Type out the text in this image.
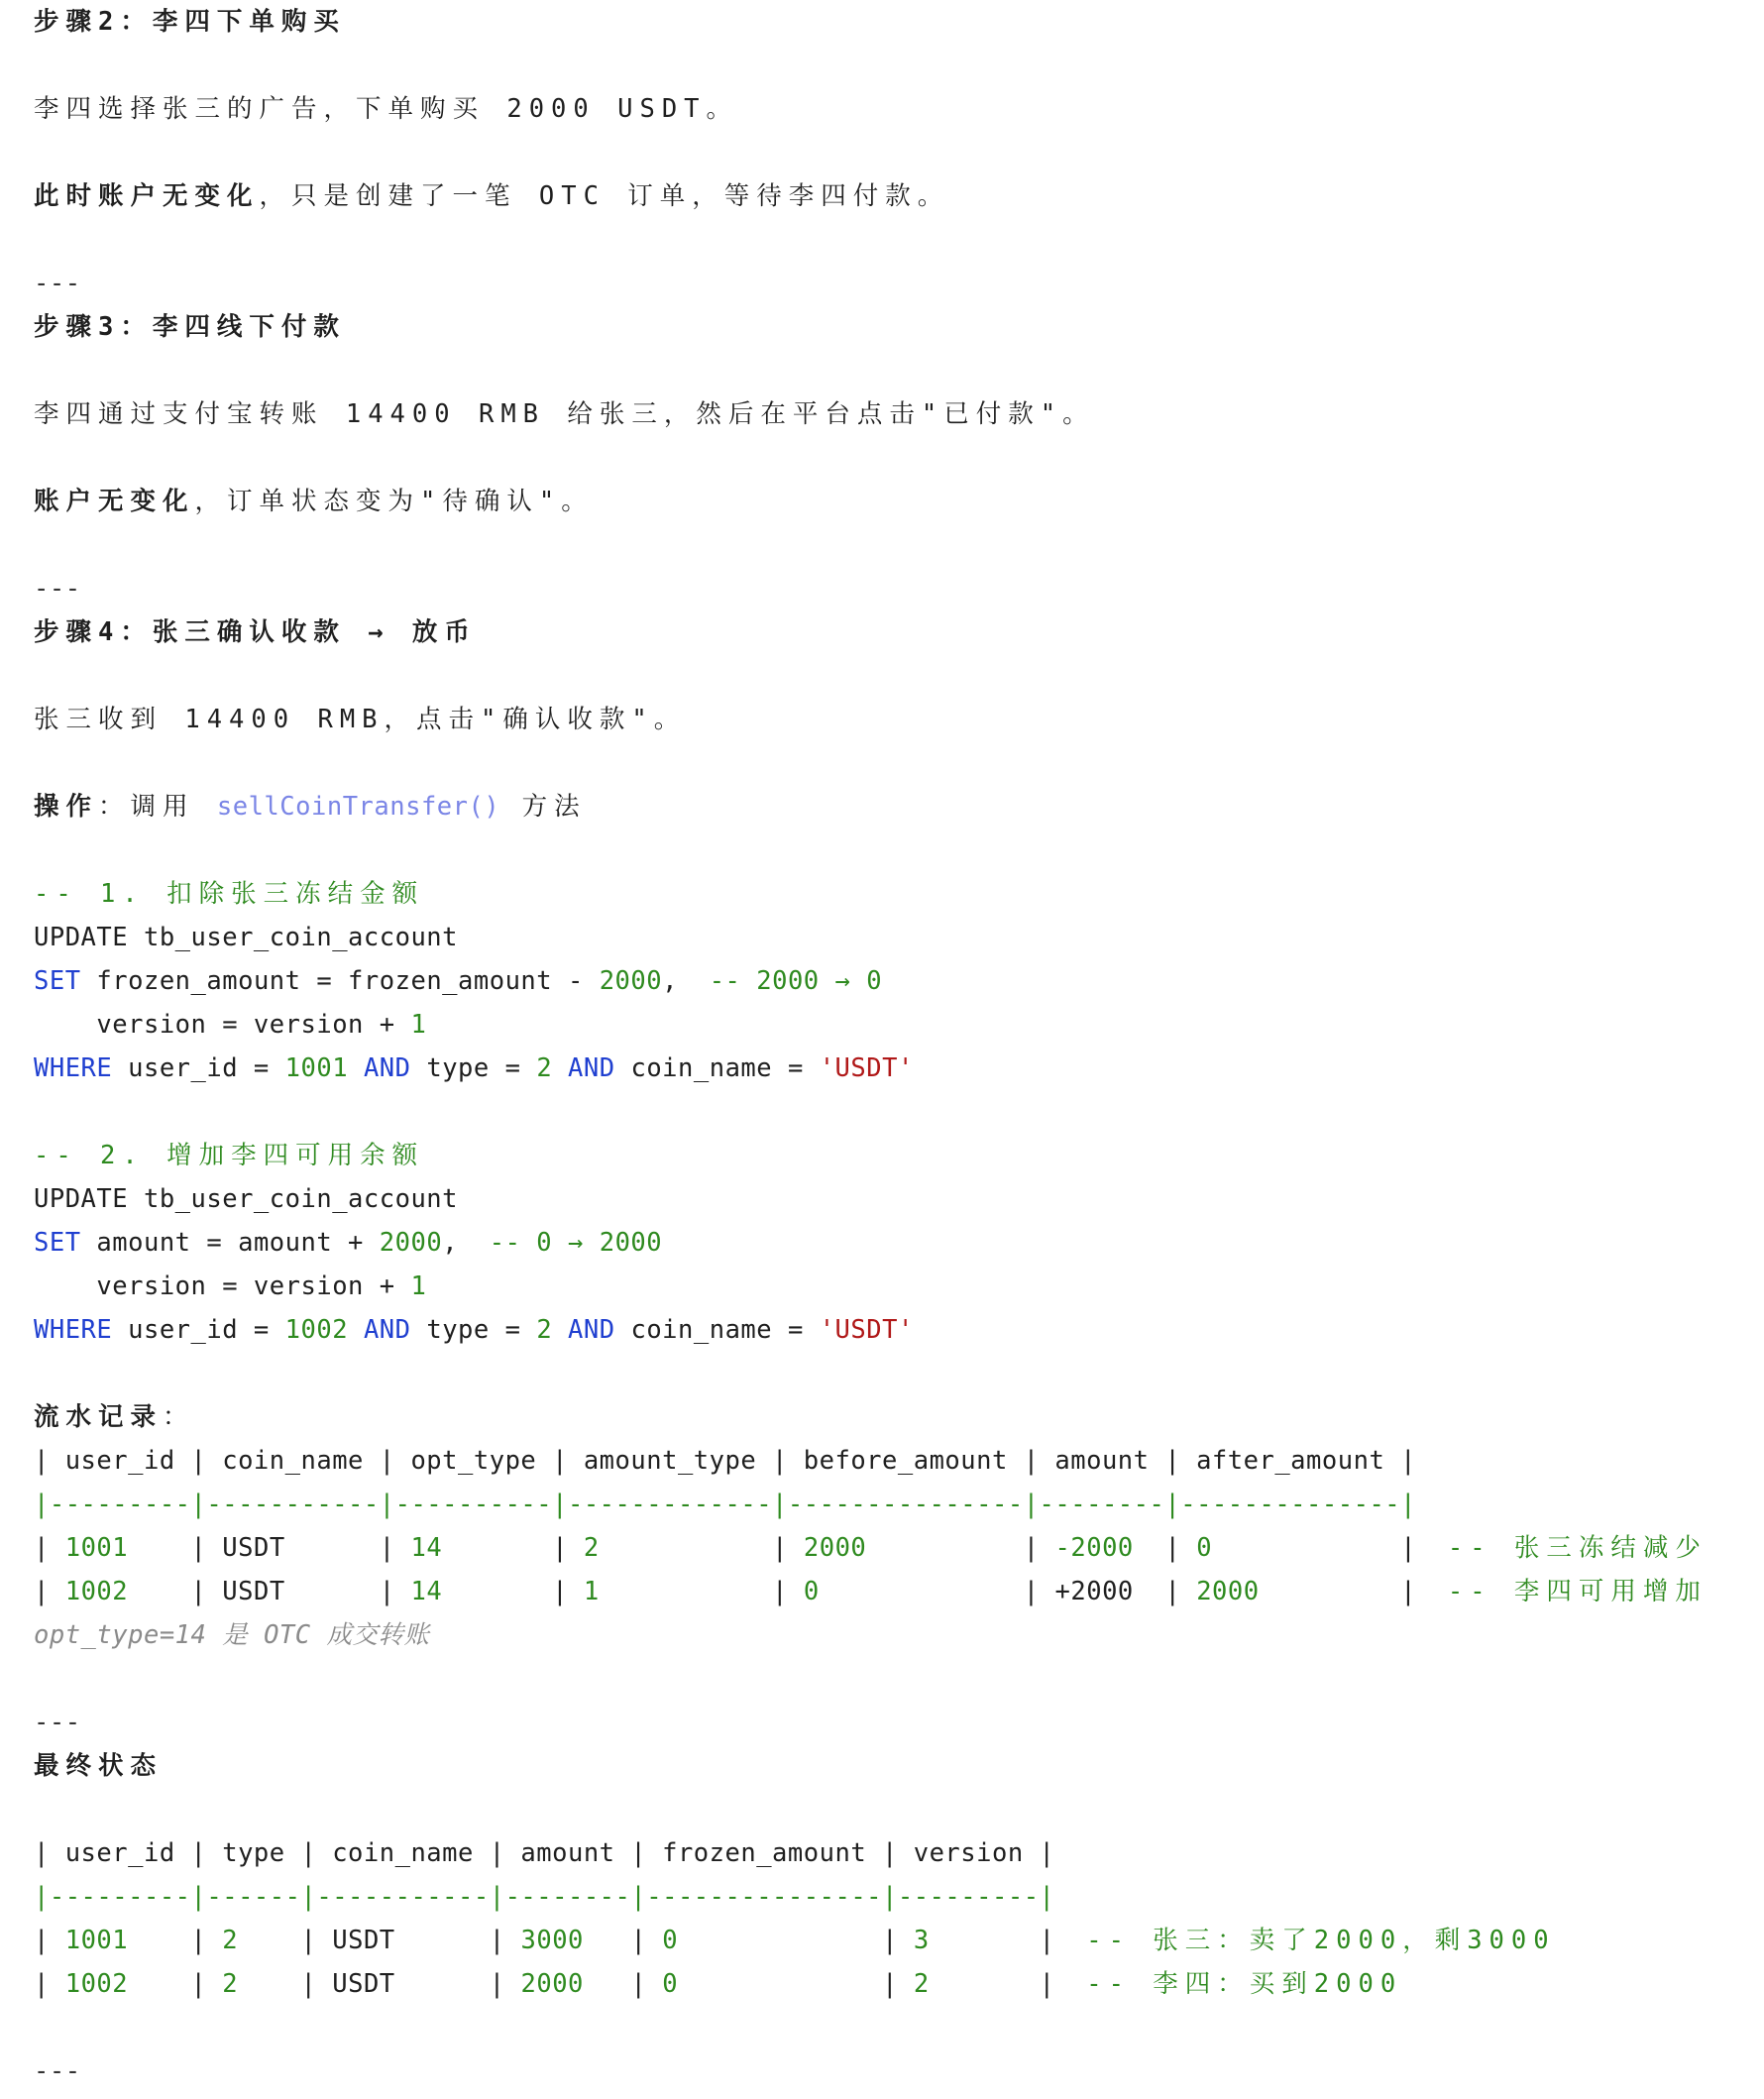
步骤2：李四下单购买
李四选择张三的广告，下单购买 2000 USDT。
此时账户无变化，只是创建了一笔 OTC 订单，等待李四付款。
---
步骤3：李四线下付款
李四通过支付宝转账 14400 RMB 给张三，然后在平台点击"已付款"。
账户无变化，订单状态变为"待确认"。
---
步骤4：张三确认收款 → 放币
张三收到 14400 RMB，点击"确认收款"。
操作：调用 sellCoinTransfer() 方法
-- 1. 扣除张三冻结金额
UPDATE tb_user_coin_account
SET frozen_amount = frozen_amount - 2000,  -- 2000 → 0
version = version + 1
WHERE user_id = 1001 AND type = 2 AND coin_name = 'USDT'
-- 2. 增加李四可用余额
UPDATE tb_user_coin_account
SET amount = amount + 2000,  -- 0 → 2000
version = version + 1
WHERE user_id = 1002 AND type = 2 AND coin_name = 'USDT'
流水记录：
| user_id | coin_name | opt_type | amount_type | before_amount | amount | after_amount |
|---------|-----------|----------|-------------|---------------|--------|--------------|
| 1001    | USDT      | 14       | 2           | 2000          | -2000  | 0            |  -- 张三冻结减少
| 1002    | USDT      | 14       | 1           | 0             | +2000  | 2000         |  -- 李四可用增加
opt_type=14 是 OTC 成交转账
---
最终状态
| user_id | type | coin_name | amount | frozen_amount | version |
|---------|------|-----------|--------|---------------|---------|
| 1001    | 2    | USDT      | 3000   | 0             | 3       |  -- 张三：卖了2000，剩3000
| 1002    | 2    | USDT      | 2000   | 0             | 2       |  -- 李四：买到2000
---
